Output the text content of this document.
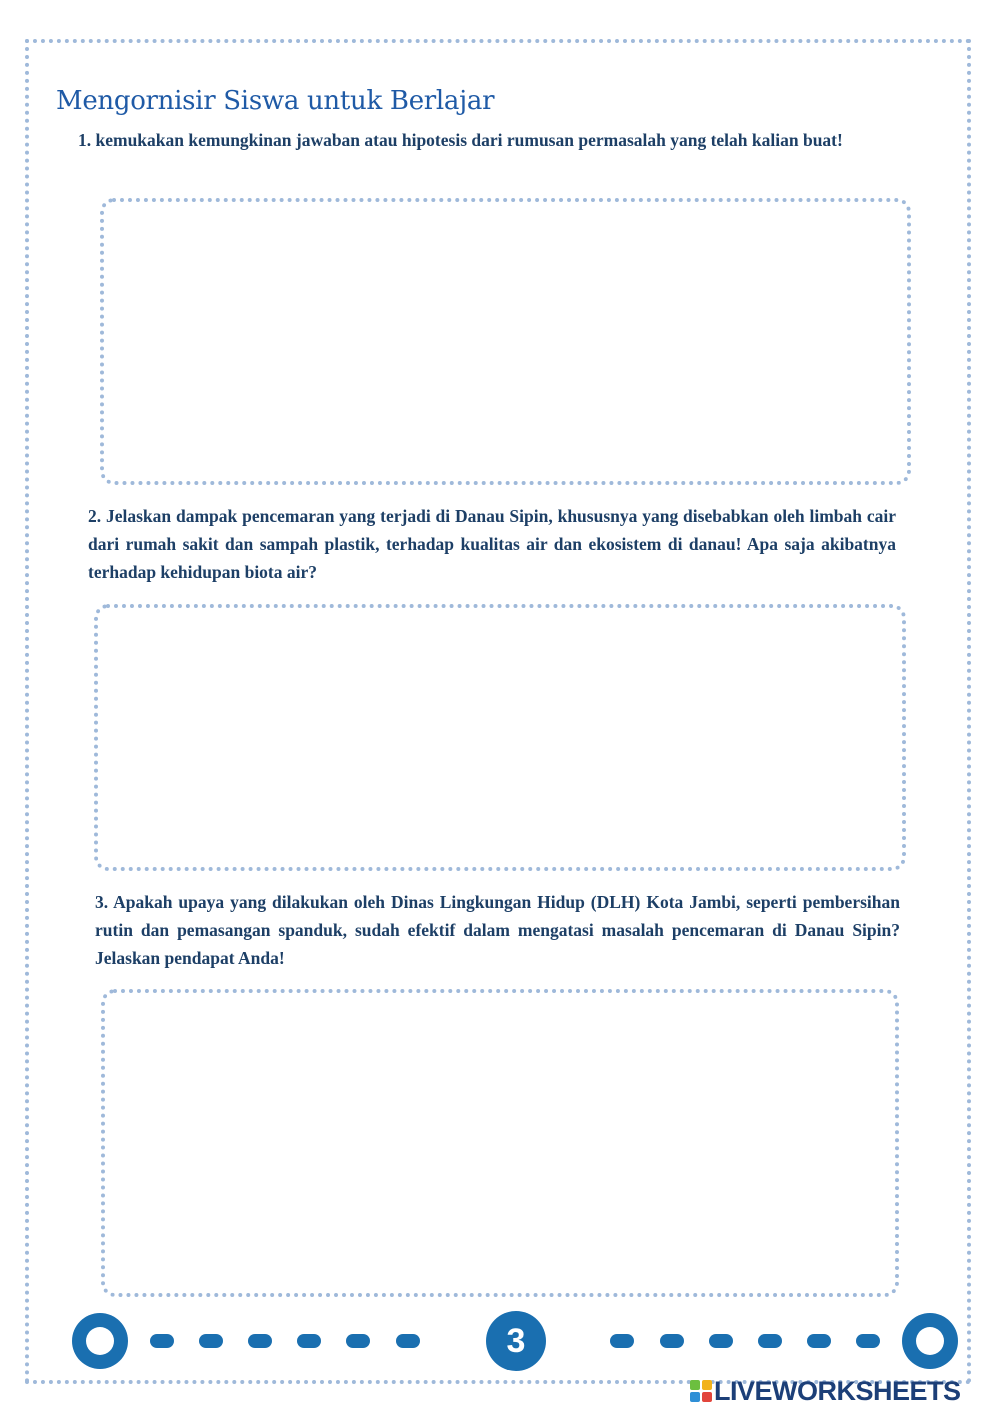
Mengornisir Siswa untuk Berlajar

1. kemukakan kemungkinan jawaban atau hipotesis dari rumusan permasalah yang telah kalian buat!

2. Jelaskan dampak pencemaran yang terjadi di Danau Sipin, khususnya yang disebabkan oleh limbah cair dari rumah sakit dan sampah plastik, terhadap kualitas air dan ekosistem di danau! Apa saja akibatnya terhadap kehidupan biota air?

3. Apakah upaya yang dilakukan oleh Dinas Lingkungan Hidup (DLH) Kota Jambi, seperti pembersihan rutin dan pemasangan spanduk, sudah efektif dalam mengatasi masalah pencemaran di Danau Sipin? Jelaskan pendapat Anda!

3
LIVEWORKSHEETS
